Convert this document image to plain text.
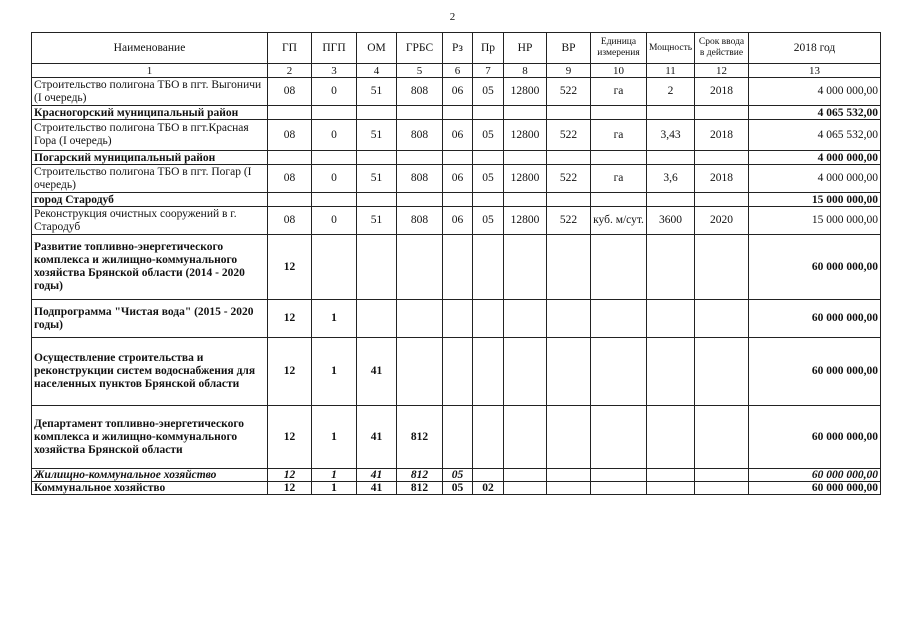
2
Наименование	ГП	ПГП	ОМ	ГРБС	Рз	Пр	НР	ВР	Единица измерения	Мощность	Срок ввода в действие	2018 год
1	2	3	4	5	6	7	8	9	10	11	12	13
Строительство полигона ТБО в пгт. Выгоничи (I очередь)	08	0	51	808	06	05	12800	522	га	2	2018	4 000 000,00
Красногорский муниципальный район												4 065 532,00
Строительство полигона ТБО в пгт.Красная Гора (I очередь)	08	0	51	808	06	05	12800	522	га	3,43	2018	4 065 532,00
Погарский муниципальный район												4 000 000,00
Строительство полигона ТБО в пгт. Погар (I очередь)	08	0	51	808	06	05	12800	522	га	3,6	2018	4 000 000,00
город Стародуб												15 000 000,00
Реконструкция очистных сооружений в г. Стародуб	08	0	51	808	06	05	12800	522	куб. м/сут.	3600	2020	15 000 000,00
Развитие топливно-энергетического комплекса и жилищно-коммунального хозяйства Брянской области (2014 - 2020 годы)	12											60 000 000,00
Подпрограмма "Чистая вода" (2015 - 2020 годы)	12	1										60 000 000,00
Осуществление строительства и реконструкции систем водоснабжения для населенных пунктов Брянской области	12	1	41									60 000 000,00
Департамент топливно-энергетического комплекса и жилищно-коммунального хозяйства Брянской области	12	1	41	812								60 000 000,00
Жилищно-коммунальное хозяйство	12	1	41	812	05							60 000 000,00
Коммунальное хозяйство	12	1	41	812	05	02						60 000 000,00
